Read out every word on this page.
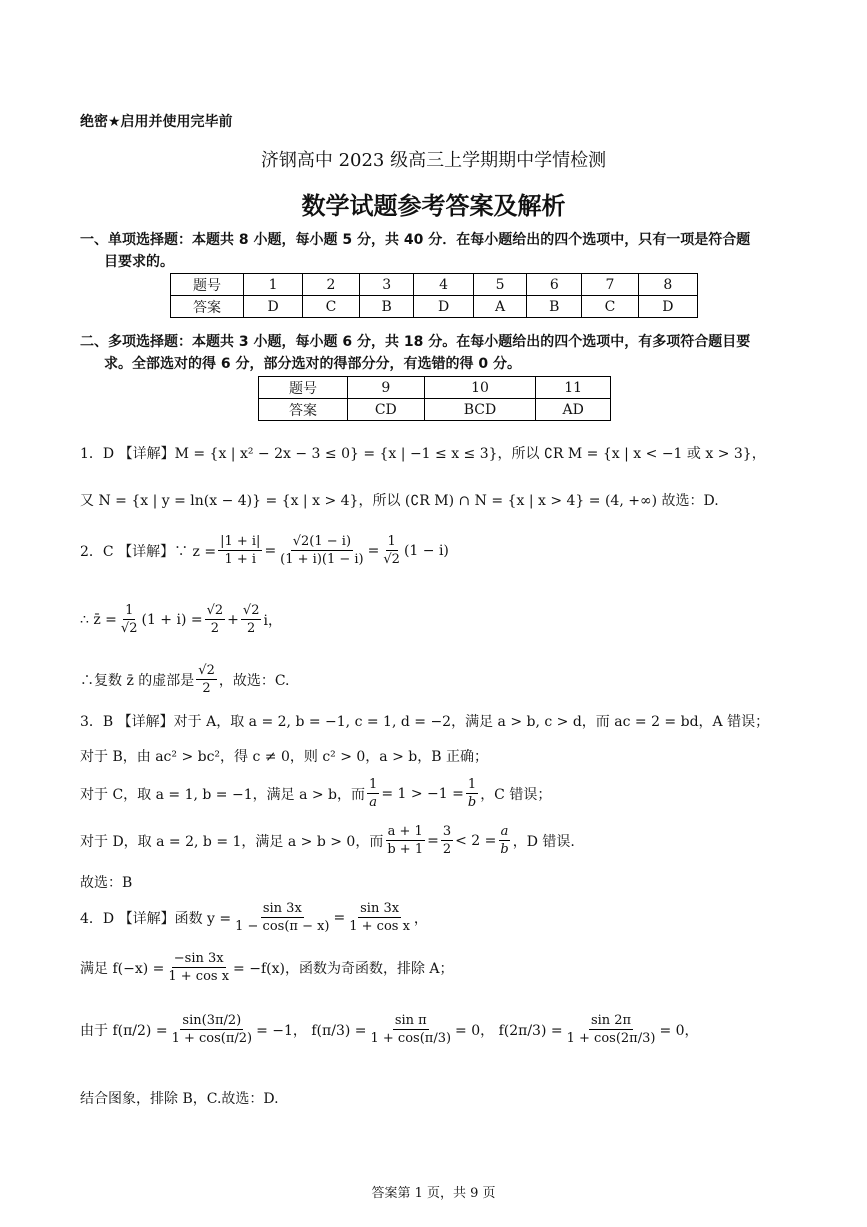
绝密★启用并使用完毕前
济钢高中 2023 级高三上学期期中学情检测
数学试题参考答案及解析
一、单项选择题：本题共 8 小题，每小题 5 分，共 40 分．在每小题给出的四个选项中，只有一项是符合题
目要求的。
题号	1	2	3	4	5	6	7	8
答案	D	C	B	D	A	B	C	D
二、多项选择题：本题共 3 小题，每小题 6 分，共 18 分。在每小题给出的四个选项中，有多项符合题目要
求。全部选对的得 6 分，部分选对的得部分分，有选错的得 0 分。
题号	9	10	11
答案	CD	BCD	AD
1．D 【详解】M = {x | x² − 2x − 3 ≤ 0} = {x | −1 ≤ x ≤ 3}，所以 ∁R M = {x | x < −1 或 x > 3}，
又 N = {x | y = ln(x − 4)} = {x | x > 4}，所以 (∁R M) ∩ N = {x | x > 4} = (4, +∞) 故选：D.
2．C 【详解】∵ $z = \frac{|1 + i|}{1 + i} = \frac{√2(1 - i)}{(1 + i)(1 - i)} = \frac{1}{√2} (1 - i)$
∴ z̄ = $\frac{1}{√2} (1 + i) = \frac{√2}{2} + \frac{√2}{2}$ i，
∴复数 z̄ 的虚部是 $\frac{√2}{2}$ ，故选：C.
3．B 【详解】对于 A，取 a = 2, b = −1, c = 1, d = −2，满足 a > b, c > d，而 ac = 2 = bd，A 错误；
对于 B，由 ac² > bc²，得 c ≠ 0，则 c² > 0，a > b，B 正确；
对于 C，取 a = 1, b = −1，满足 a > b，而 $\frac{1}{a} = 1 > -1 = \frac{1}{b}$ ，C 错误；
对于 D，取 a = 2, b = 1，满足 a > b > 0，而 $\frac{a + 1}{b + 1} = \frac{3}{2} < 2 = \frac{a}{b}$ ，D 错误.
故选：B
4．D 【详解】函数 $y = \frac{\sin 3x}{1 - \cos(\pi - x)} = \frac{\sin 3x}{\text{1 + cos x}}$ ，
满足 $f(-x) = \frac{-\sin 3x}{\text{1 + cos x}} = -f(x)$，函数为奇函数，排除 A；
由于 $f(\pi/2) = \frac{\sin(3\pi/2)}{1 + \cos(\pi/2)} = -1$， $f(\pi/3) = \frac{\text{sin π}}{1 + \cos(\pi/3)} = 0$， $f(2\pi/3) = \frac{\sin 2\pi}{1 + \cos(2\pi/3)} = 0$，
结合图象，排除 B，C.故选：D.
答案第 1 页，共 9 页
